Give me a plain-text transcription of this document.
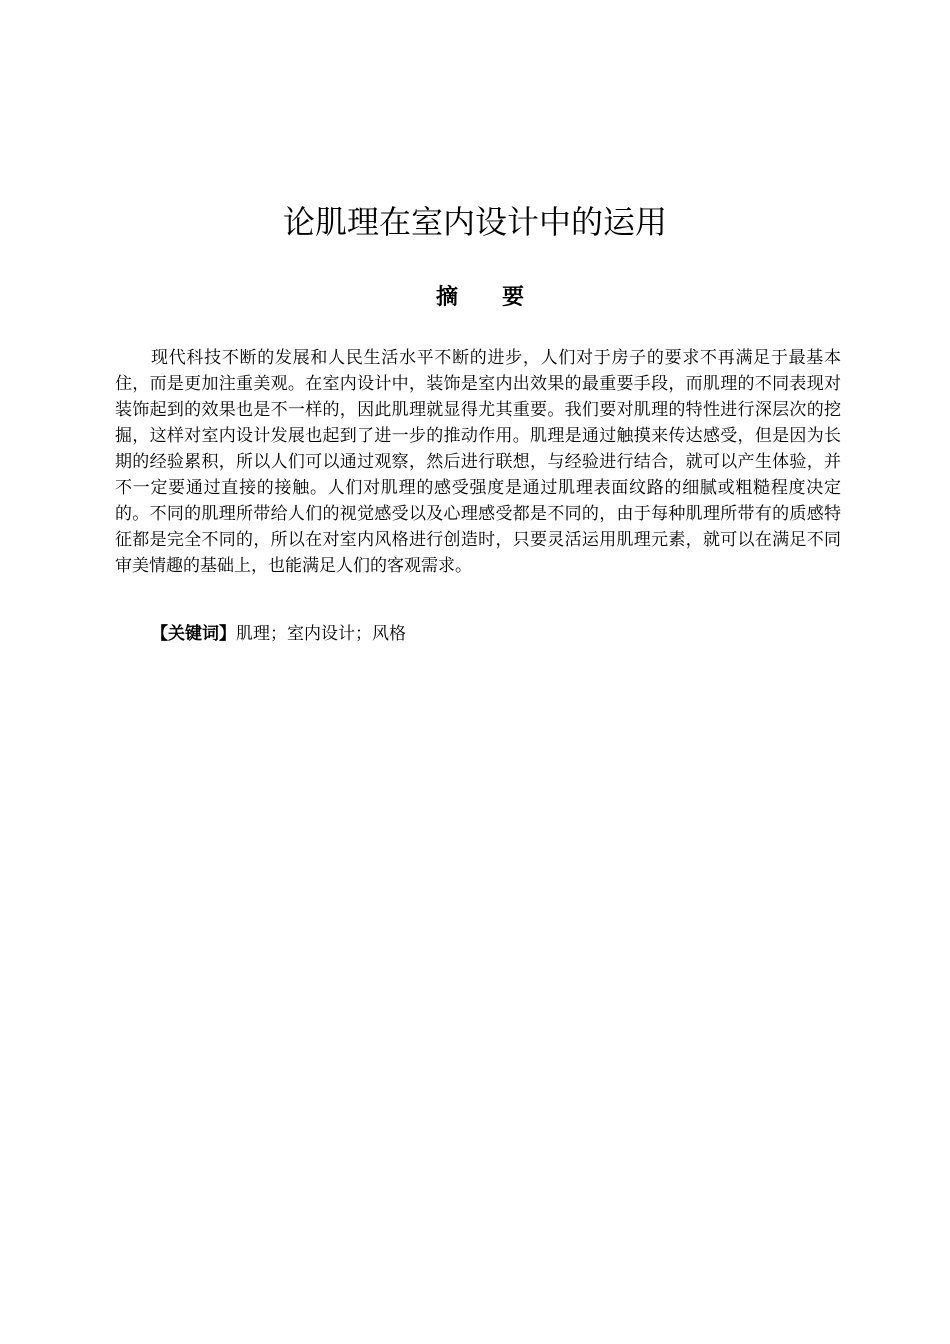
论肌理在室内设计中的运用
摘要

现代科技不断的发展和人民生活水平不断的进步，人们对于房子的要求不再满足于最基本住，而是更加注重美观。在室内设计中，装饰是室内出效果的最重要手段，而肌理的不同表现对装饰起到的效果也是不一样的，因此肌理就显得尤其重要。我们要对肌理的特性进行深层次的挖掘，这样对室内设计发展也起到了进一步的推动作用。肌理是通过触摸来传达感受，但是因为长期的经验累积，所以人们可以通过观察，然后进行联想，与经验进行结合，就可以产生体验，并不一定要通过直接的接触。人们对肌理的感受强度是通过肌理表面纹路的细腻或粗糙程度决定的。不同的肌理所带给人们的视觉感受以及心理感受都是不同的，由于每种肌理所带有的质感特征都是完全不同的，所以在对室内风格进行创造时，只要灵活运用肌理元素，就可以在满足不同审美情趣的基础上，也能满足人们的客观需求。

【关键词】肌理；室内设计；风格
